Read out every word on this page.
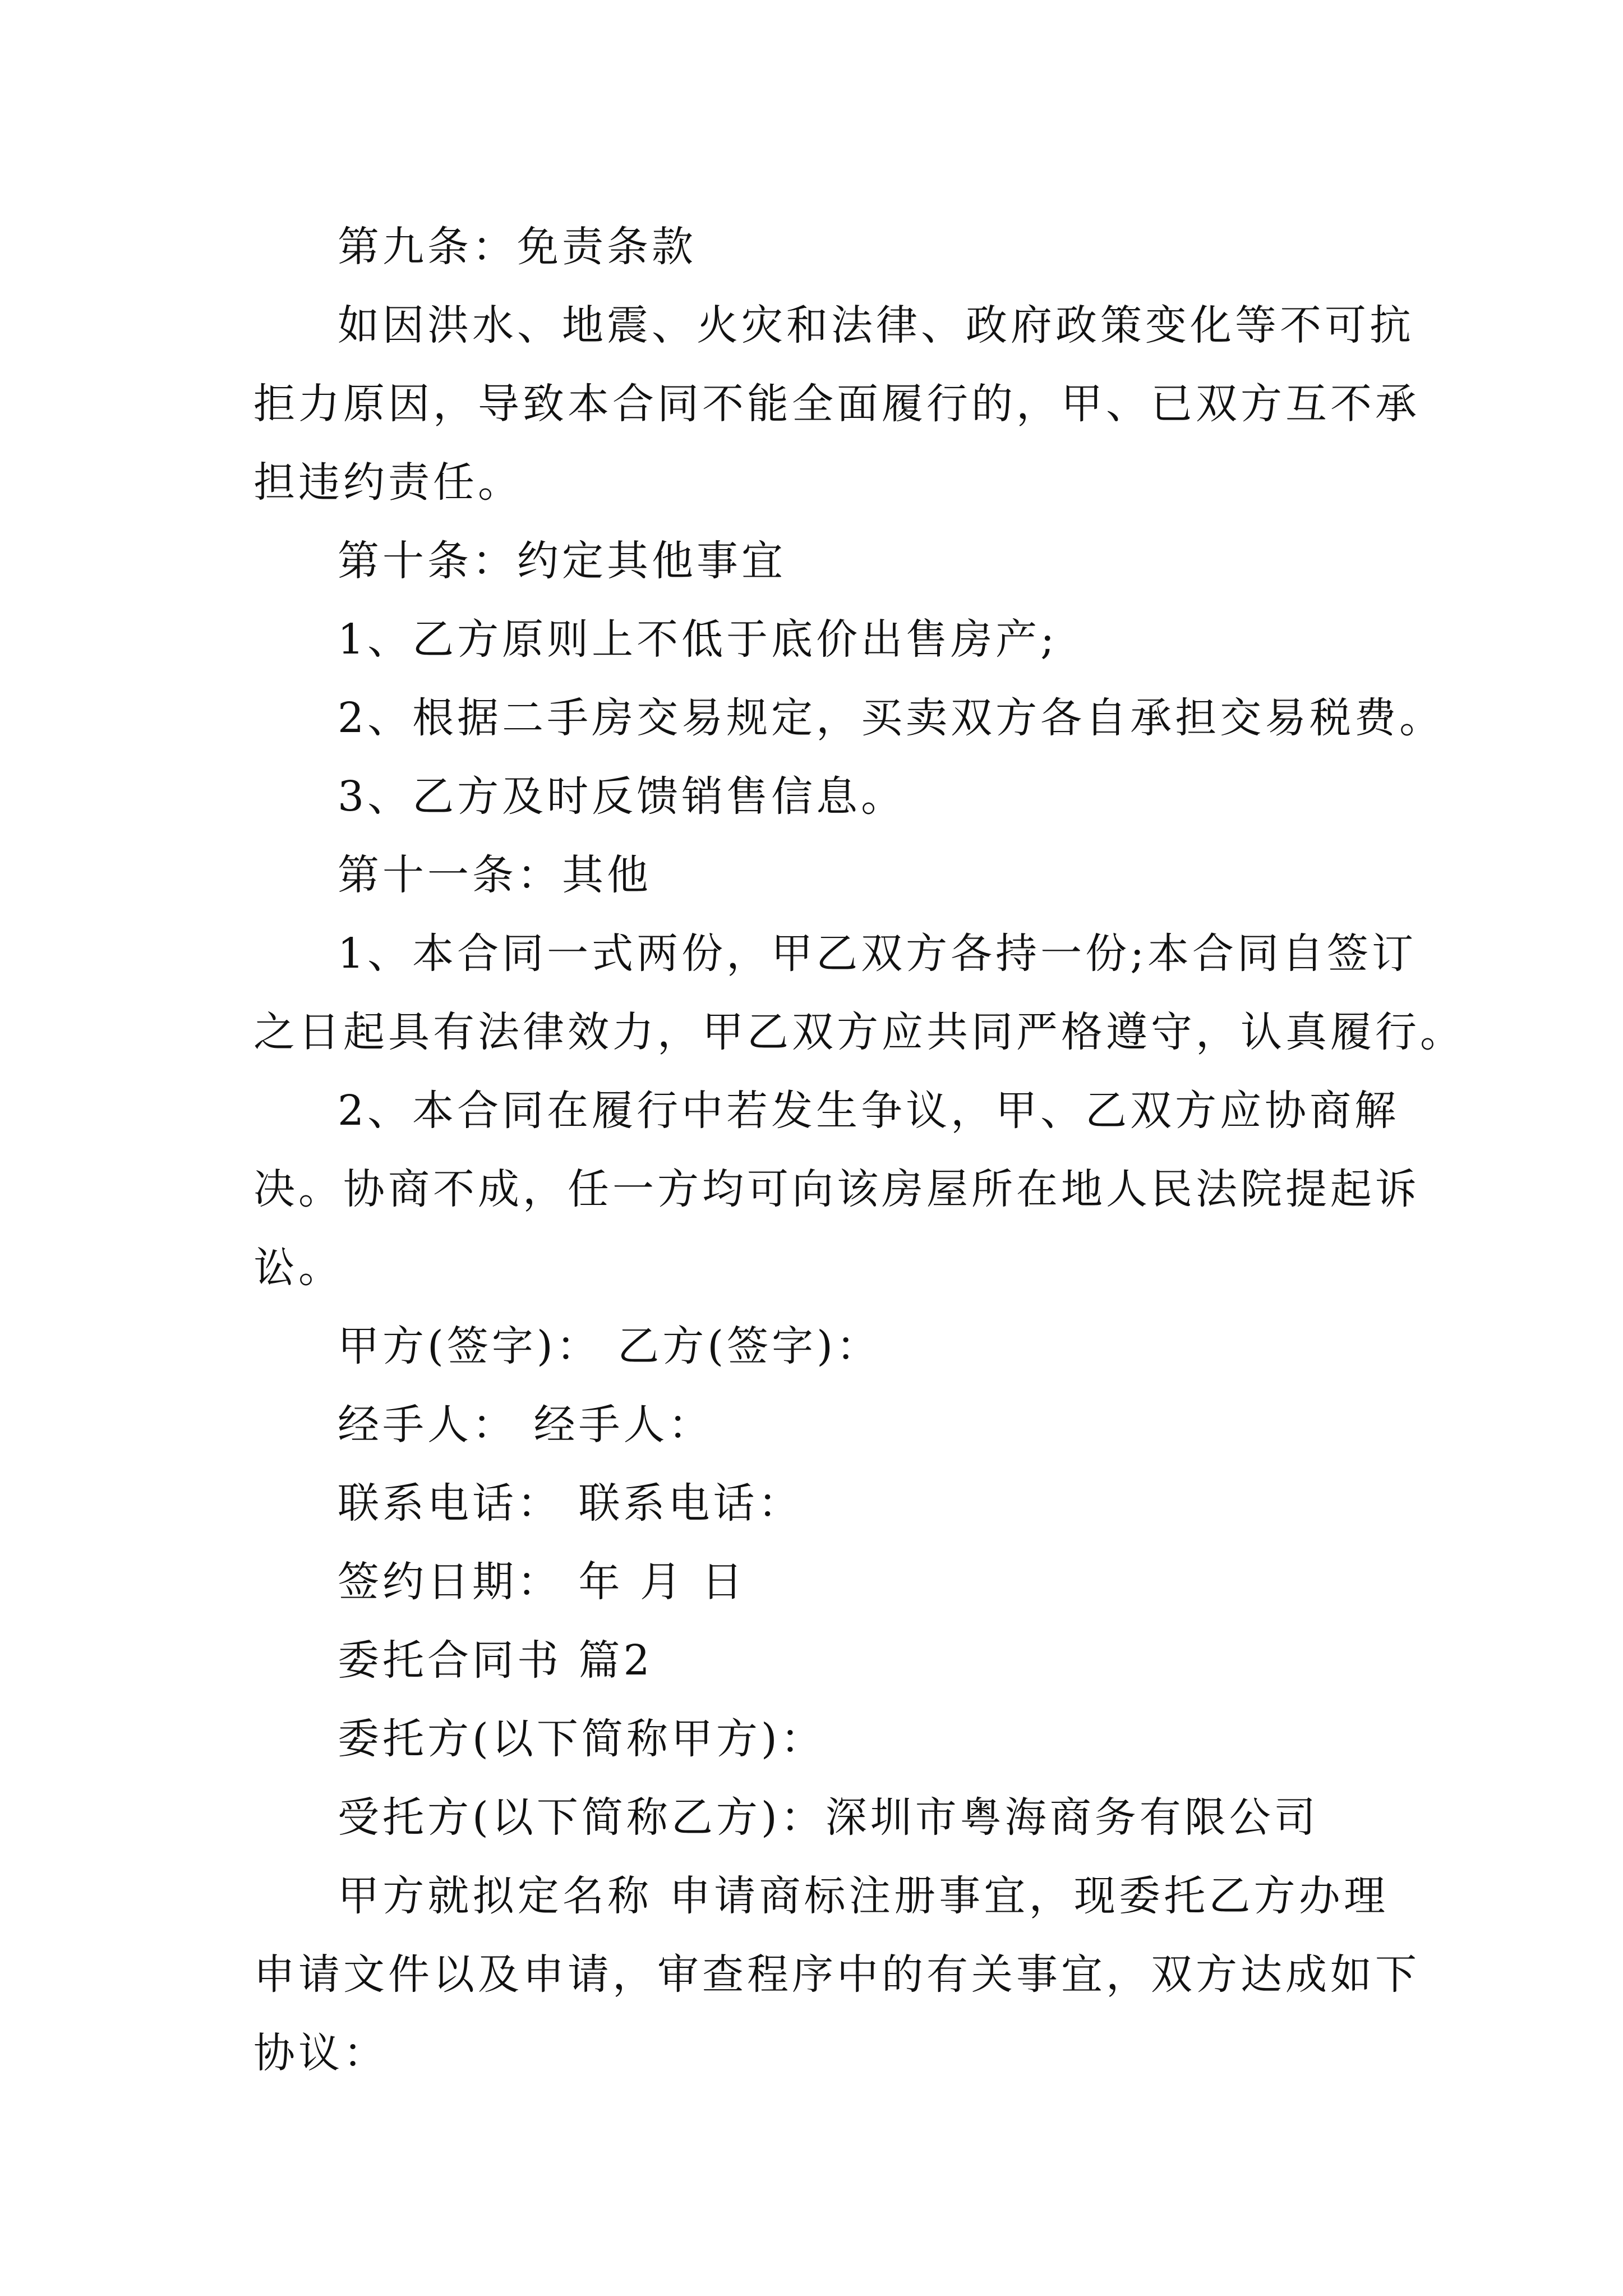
第九条：免责条款
如因洪水、地震、火灾和法律、政府政策变化等不可抗
拒力原因，导致本合同不能全面履行的，甲、已双方互不承
担违约责任。
第十条：约定其他事宜
1、乙方原则上不低于底价出售房产;
2、根据二手房交易规定，买卖双方各自承担交易税费。
3、乙方及时反馈销售信息。
第十一条：其他
1、本合同一式两份，甲乙双方各持一份;本合同自签订
之日起具有法律效力，甲乙双方应共同严格遵守，认真履行。
2、本合同在履行中若发生争议，甲、乙双方应协商解
决。协商不成，任一方均可向该房屋所在地人民法院提起诉
讼。
甲方(签字)： 乙方(签字)：
经手人： 经手人：
联系电话： 联系电话：
签约日期： 年 月 日
委托合同书 篇2
委托方(以下简称甲方)：
受托方(以下简称乙方)：深圳市粤海商务有限公司
甲方就拟定名称 申请商标注册事宜，现委托乙方办理
申请文件以及申请，审查程序中的有关事宜，双方达成如下
协议：
